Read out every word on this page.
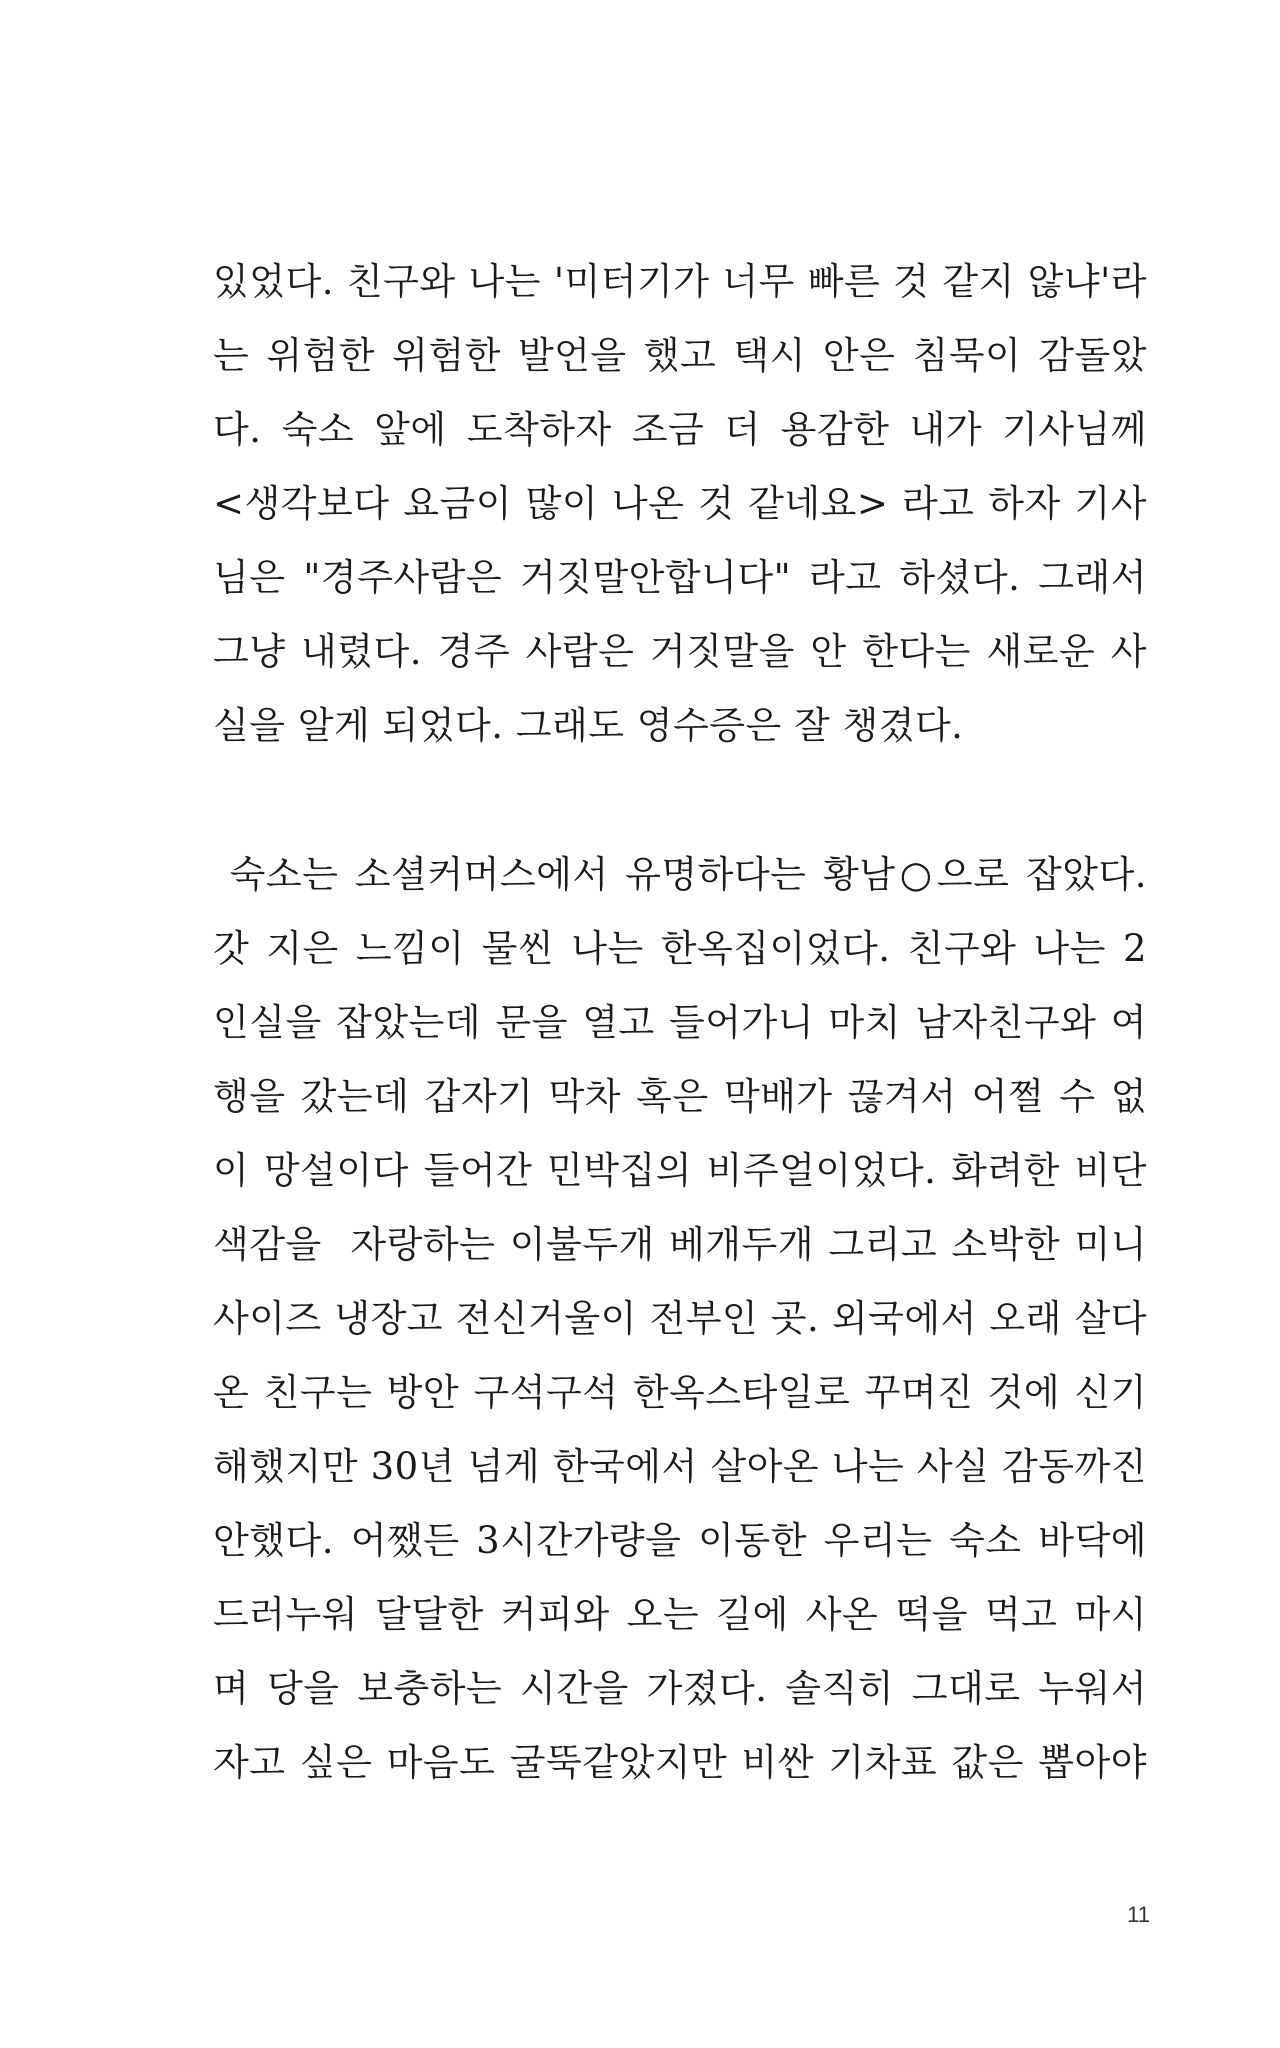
있었다. 친구와 나는 '미터기가 너무 빠른 것 같지 않냐'라
는 위험한 위험한 발언을 했고 택시 안은 침묵이 감돌았
다. 숙소 앞에 도착하자 조금 더 용감한 내가 기사님께
<생각보다 요금이 많이 나온 것 같네요> 라고 하자 기사
님은 "경주사람은 거짓말안합니다" 라고 하셨다. 그래서
그냥 내렸다. 경주 사람은 거짓말을 안 한다는 새로운 사
실을 알게 되었다. 그래도 영수증은 잘 챙겼다.
숙소는 소셜커머스에서 유명하다는 황남○으로 잡았다.
갓 지은 느낌이 물씬 나는 한옥집이었다. 친구와 나는 2
인실을 잡았는데 문을 열고 들어가니 마치 남자친구와 여
행을 갔는데 갑자기 막차 혹은 막배가 끊겨서 어쩔 수 없
이 망설이다 들어간 민박집의 비주얼이었다. 화려한 비단
색감을  자랑하는 이불두개 베개두개 그리고 소박한 미니
사이즈 냉장고 전신거울이 전부인 곳. 외국에서 오래 살다
온 친구는 방안 구석구석 한옥스타일로 꾸며진 것에 신기
해했지만 30년 넘게 한국에서 살아온 나는 사실 감동까진
안했다. 어쨌든 3시간가량을 이동한 우리는 숙소 바닥에
드러누워 달달한 커피와 오는 길에 사온 떡을 먹고 마시
며 당을 보충하는 시간을 가졌다. 솔직히 그대로 누워서
자고 싶은 마음도 굴뚝같았지만 비싼 기차표 값은 뽑아야
11
